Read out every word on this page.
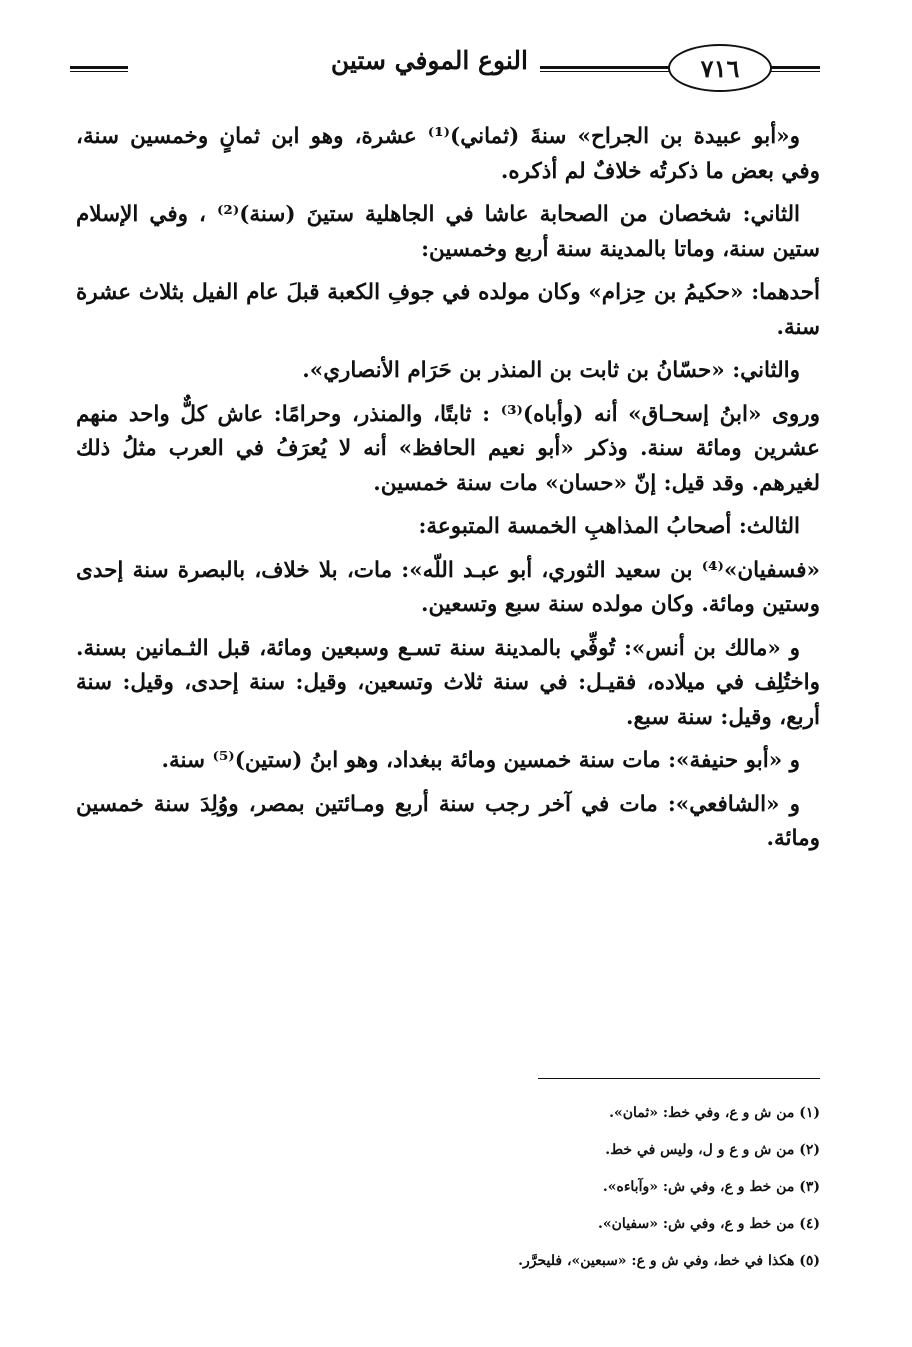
٧١٦
النوع الموفي ستين

و«أبو عبيدة بن الجراح» سنةَ (ثماني)⁽¹⁾ عشرة، وهو ابن ثمانٍ وخمسين سنة، وفي بعض ما ذكرتُه خلافٌ لم أذكره.

الثاني: شخصان من الصحابة عاشا في الجاهلية ستينَ (سنة)⁽²⁾ ، وفي الإسلام ستين سنة، وماتا بالمدينة سنة أربع وخمسين:

أحدهما: «حكيمُ بن حِزام» وكان مولده في جوفِ الكعبة قبلَ عام الفيل بثلاث عشرة سنة.

والثاني: «حسّانُ بن ثابت بن المنذر بن حَرَام الأنصاري».

وروى «ابنُ إسحـاق» أنه (وأباه)⁽³⁾ : ثابتًا، والمنذر، وحرامًا: عاش كلٌّ واحد منهم عشرين ومائة سنة. وذكر «أبو نعيم الحافظ» أنه لا يُعرَفُ في العرب مثلُ ذلك لغيرهم. وقد قيل: إنّ «حسان» مات سنة خمسين.

الثالث: أصحابُ المذاهبِ الخمسة المتبوعة:

«فسفيان»⁽⁴⁾ بن سعيد الثوري، أبو عبـد اللّه»: مات، بلا خلاف، بالبصرة سنة إحدى وستين ومائة. وكان مولده سنة سبع وتسعين.

و «مالك بن أنس»: تُوفِّي بالمدينة سنة تسـع وسبعين ومائة، قبل الثـمانين بسنة. واختُلِف في ميلاده، فقيـل: في سنة ثلاث وتسعين، وقيل: سنة إحدى، وقيل: سنة أربع، وقيل: سنة سبع.

و «أبو حنيفة»: مات سنة خمسين ومائة ببغداد، وهو ابنُ (ستين)⁽⁵⁾ سنة.

و «الشافعي»: مات في آخر رجب سنة أربع ومـائتين بمصر، ووُلِدَ سنة خمسين ومائة.

(١) من ش و ع، وفي خط: «ثمان».
(٢) من ش و ع و ل، وليس في خط.
(٣) من خط و ع، وفي ش: «وآباءه».
(٤) من خط و ع، وفي ش: «سفيان».
(٥) هكذا في خط، وفي ش و ع: «سبعين»، فليحرَّر.
